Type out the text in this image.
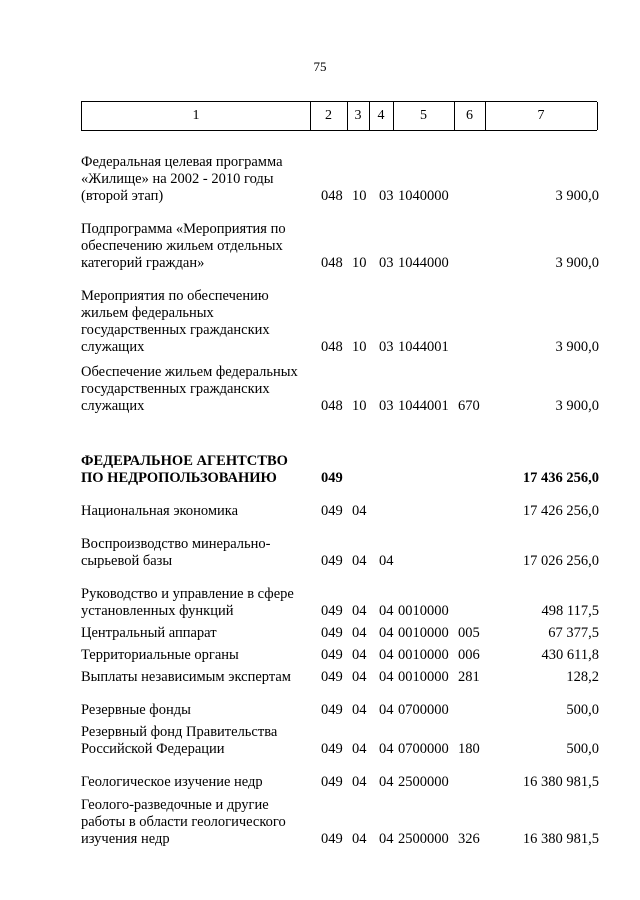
75
1	2	3	4	5	6	7
Федеральная целевая программа «Жилище» на 2002 - 2010 годы (второй этап)	048 10 03 1040000	3 900,0
Подпрограмма «Мероприятия по обеспечению жильем отдельных категорий граждан»	048 10 03 1044000	3 900,0
Мероприятия по обеспечению жильем федеральных государственных гражданских служащих	048 10 03 1044001	3 900,0
Обеспечение жильем федеральных государственных гражданских служащих	048 10 03 1044001 670	3 900,0
ФЕДЕРАЛЬНОЕ АГЕНТСТВО ПО НЕДРОПОЛЬЗОВАНИЮ	049	17 436 256,0
Национальная экономика	049 04	17 426 256,0
Воспроизводство минерально-сырьевой базы	049 04 04	17 026 256,0
Руководство и управление в сфере установленных функций	049 04 04 0010000	498 117,5
Центральный аппарат	049 04 04 0010000 005	67 377,5
Территориальные органы	049 04 04 0010000 006	430 611,8
Выплаты независимым экспертам	049 04 04 0010000 281	128,2
Резервные фонды	049 04 04 0700000	500,0
Резервный фонд Правительства Российской Федерации	049 04 04 0700000 180	500,0
Геологическое изучение недр	049 04 04 2500000	16 380 981,5
Геолого-разведочные и другие работы в области геологического изучения недр	049 04 04 2500000 326	16 380 981,5
